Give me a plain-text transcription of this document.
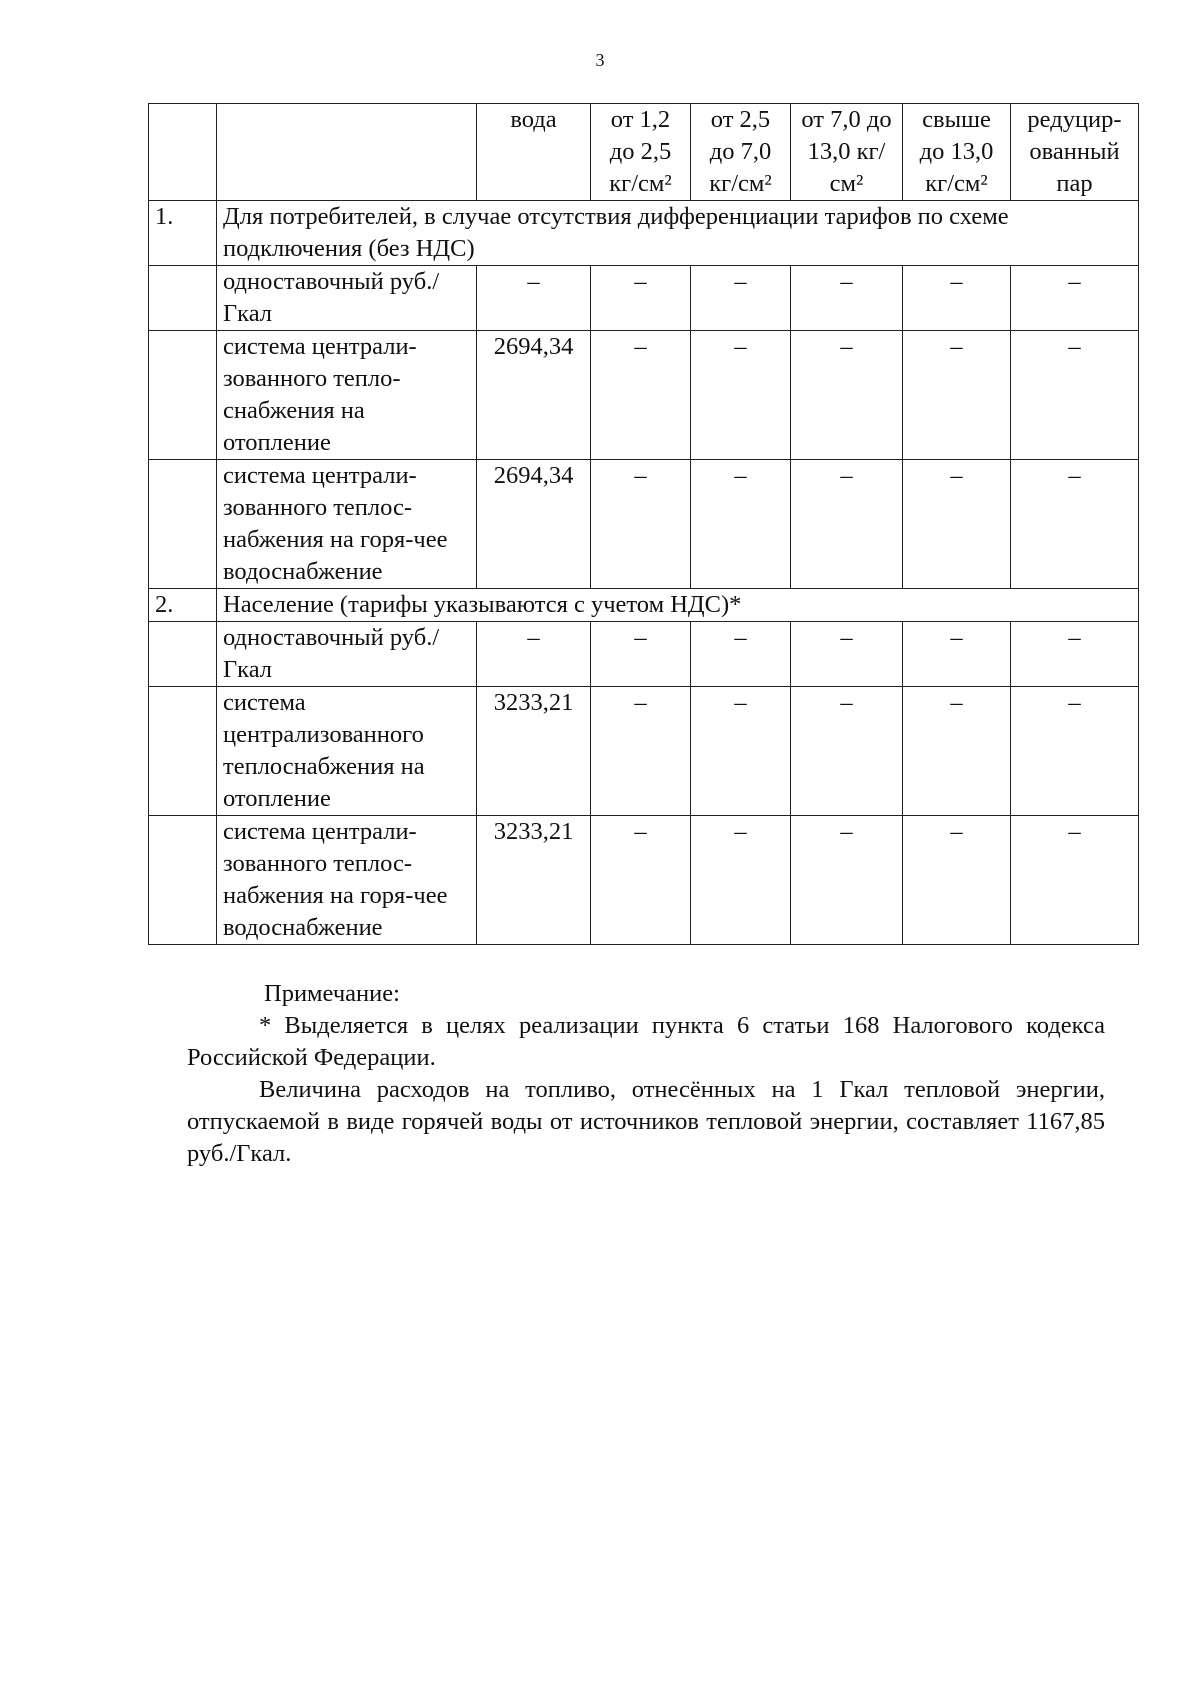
3
		вода	от 1,2 до 2,5 кг/см²	от 2,5 до 7,0 кг/см²	от 7,0 до 13,0 кг/см²	свыше до 13,0 кг/см²	редуцир-ованный пар
1.	Для потребителей, в случае отсутствия дифференциации тарифов по схеме подключения (без НДС)						
	одноставочный руб./Гкал	–	–	–	–	–	–
	система централи-зованного тепло-снабжения на отопление	2694,34	–	–	–	–	–
	система централи-зованного теплос-набжения на горя-чее водоснабжение	2694,34	–	–	–	–	–
2.	Население (тарифы указываются с учетом НДС)*						
	одноставочный руб./Гкал	–	–	–	–	–	–
	система централизованного теплоснабжения на отопление	3233,21	–	–	–	–	–
	система централи-зованного теплос-набжения на горя-чее водоснабжение	3233,21	–	–	–	–	–

Примечание:

* Выделяется в целях реализации пункта 6 статьи 168 Налогового кодекса Российской Федерации.

Величина расходов на топливо, отнесённых на 1 Гкал тепловой энергии, отпускаемой в виде горячей воды от источников тепловой энергии, составляет 1167,85 руб./Гкал.
